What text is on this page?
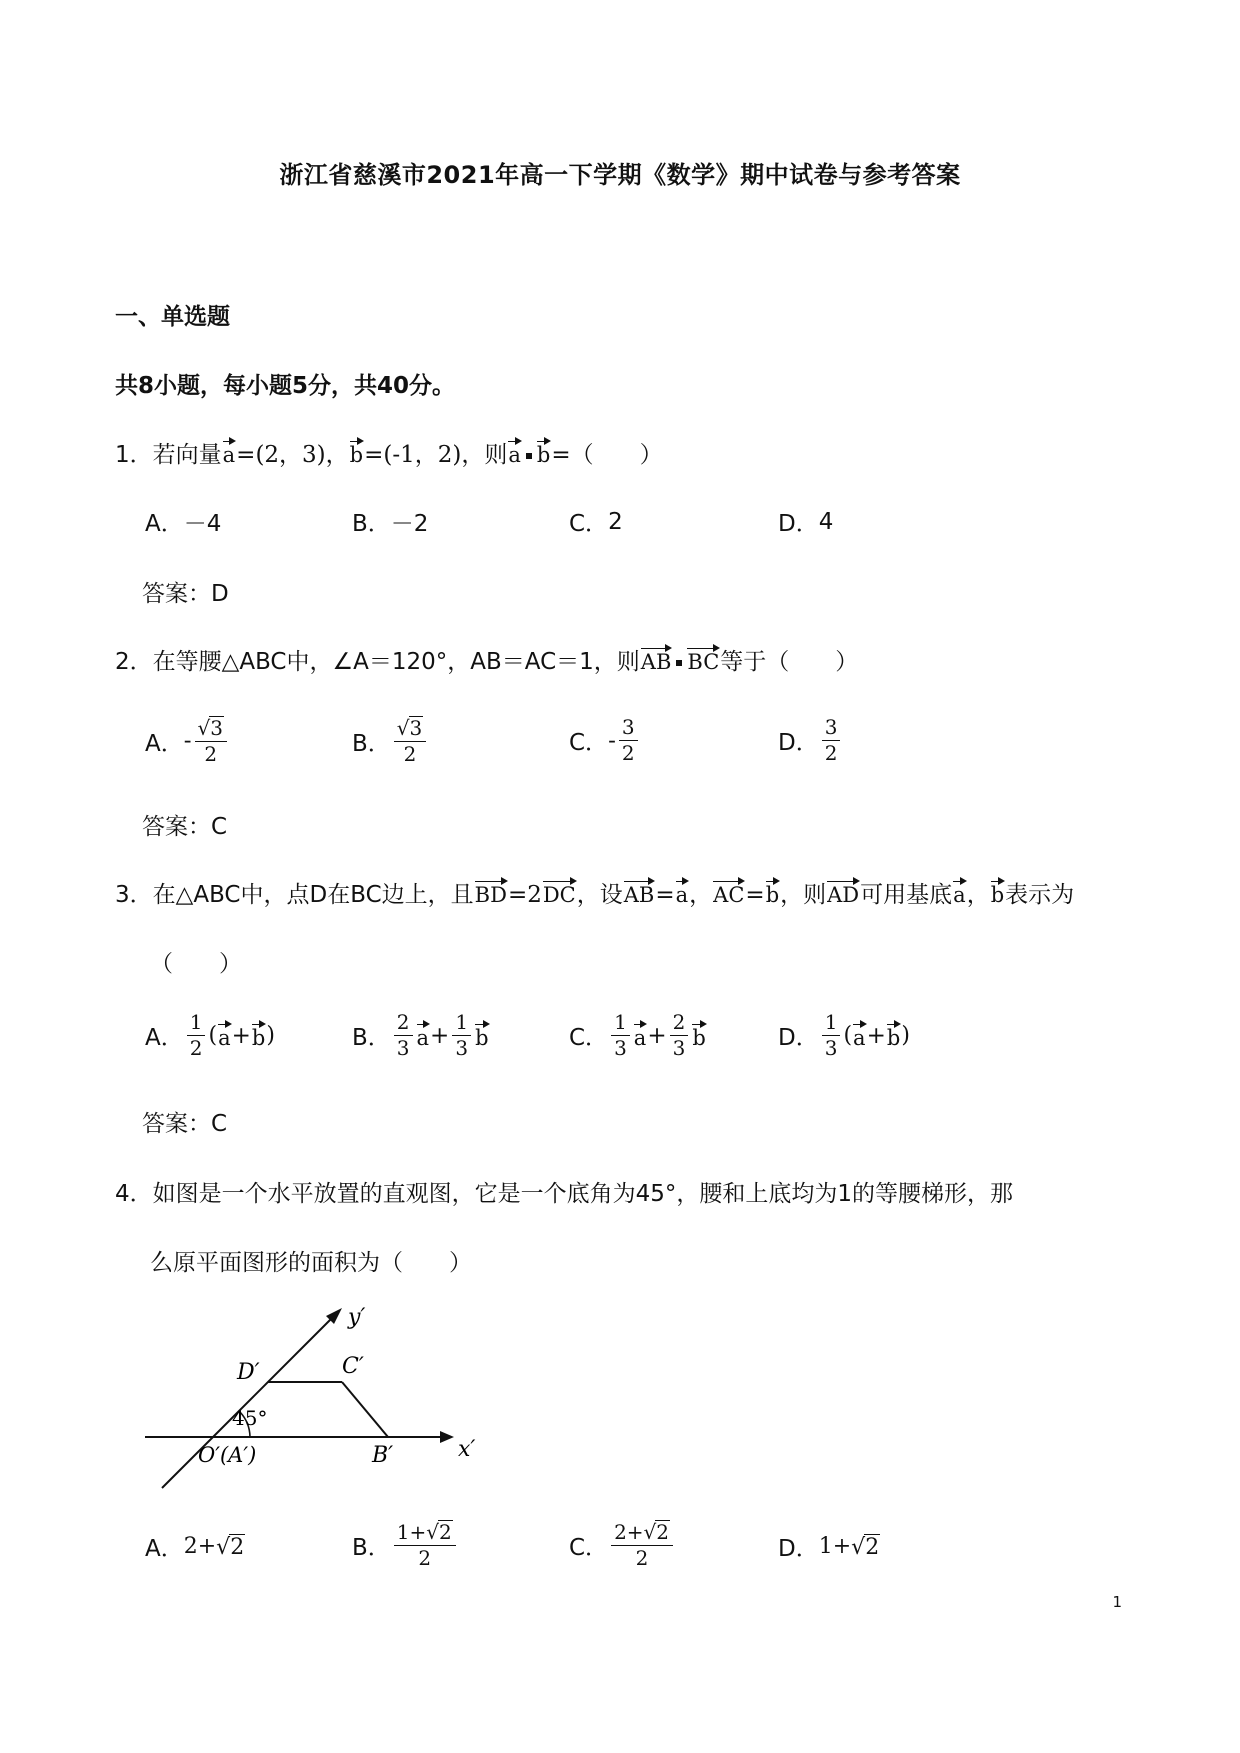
浙江省慈溪市2021年高一下学期《数学》期中试卷与参考答案
一、单选题
共8小题，每小题5分，共40分。
1．若向量a=(2，3)，b=(-1，2)，则a b=（　　）
A． －4	B． －2	C． 2	D． 4
答案：D
2．在等腰△ABC中，∠A＝120°，AB＝AC＝1，则AB BC等于（　　）
A． - $\frac{√ 3}{2}$	B． $\frac{√ 3}{2}$	C． - $\frac{3}{2}$	D． $\frac{3}{2}$
答案：C
3．在△ABC中，点D在BC边上，且BD=2DC，设AB=a，AC=b，则AD可用基底a，b表示为
（　　）
A． $\frac{1}{2}$ ( a + b )	B． $\frac{2}{3}$ $a + \frac{1}{3}$ b	C． $\frac{1}{3}$ $a + \frac{2}{3}$ b	D． $\frac{1}{3}$ ( a + b )
答案：C
4．如图是一个水平放置的直观图，它是一个底角为45°，腰和上底均为1的等腰梯形，那
么原平面图形的面积为（　　）
y′
x′
D′	C′
O′(A′)	B′
45°
A． 2+ √ 2	B． $\frac{1+ √ 2}{2}$	C． $\frac{2+ √ 2}{2}$	D． 1+ √ 2
1
